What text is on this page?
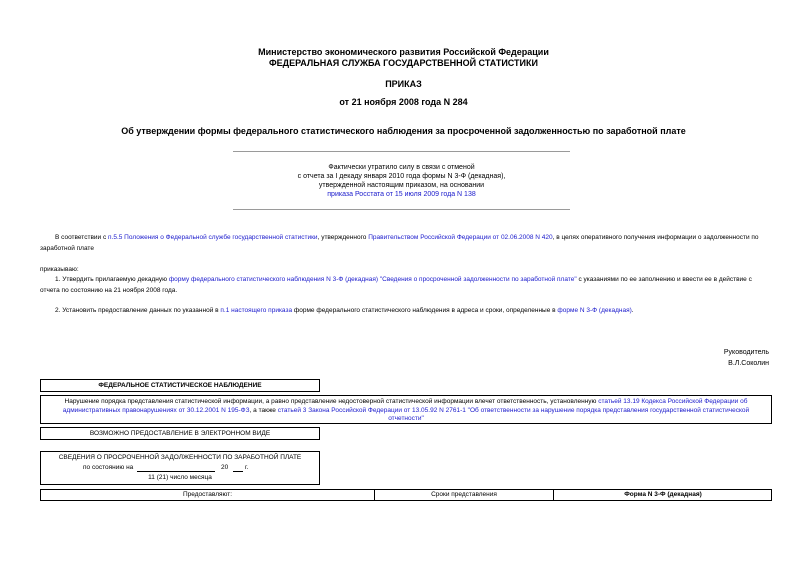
Министерство экономического развития Российской Федерации
ФЕДЕРАЛЬНАЯ СЛУЖБА ГОСУДАРСТВЕННОЙ СТАТИСТИКИ
ПРИКАЗ
от 21 ноября 2008 года N 284
Об утверждении формы федерального статистического наблюдения за просроченной задолженностью по заработной плате
Фактически утратило силу в связи с отменой
с отчета за I декаду января 2010 года формы N 3-Ф (декадная),
утвержденной настоящим приказом, на основании
приказа Росстата от 15 июля 2009 года N 138
В соответствии с п.5.5 Положения о Федеральной службе государственной статистики, утвержденного Правительством Российской Федерации от 02.06.2008 N 420, в целях оперативного получения информации о задолженности по заработной плате
приказываю:
1. Утвердить прилагаемую декадную форму федерального статистического наблюдения N 3-Ф (декадная) "Сведения о просроченной задолженности по заработной плате" с указаниями по ее заполнению и ввести ее в действие с отчета по состоянию на 21 ноября 2008 года.
2. Установить предоставление данных по указанной в п.1 настоящего приказа форме федерального статистического наблюдения в адреса и сроки, определенные в форме N 3-Ф (декадная).
Руководитель
В.Л.Соколин
ФЕДЕРАЛЬНОЕ СТАТИСТИЧЕСКОЕ НАБЛЮДЕНИЕ
Нарушение порядка представления статистической информации, а равно представление недостоверной статистической информации влечет ответственность, установленную статьей 13.19 Кодекса Российской Федерации об административных правонарушениях от 30.12.2001 N 195-ФЗ, а также статьей 3 Закона Российской Федерации от 13.05.92 N 2761-1 "Об ответственности за нарушение порядка представления государственной статистической отчетности"
ВОЗМОЖНО ПРЕДОСТАВЛЕНИЕ В ЭЛЕКТРОННОМ ВИДЕ
СВЕДЕНИЯ О ПРОСРОЧЕННОЙ ЗАДОЛЖЕННОСТИ ПО ЗАРАБОТНОЙ ПЛАТЕ
по состоянию на	20	г.
11 (21) число месяца
Предоставляют:	Сроки представления	Форма N 3-Ф (декадная)
